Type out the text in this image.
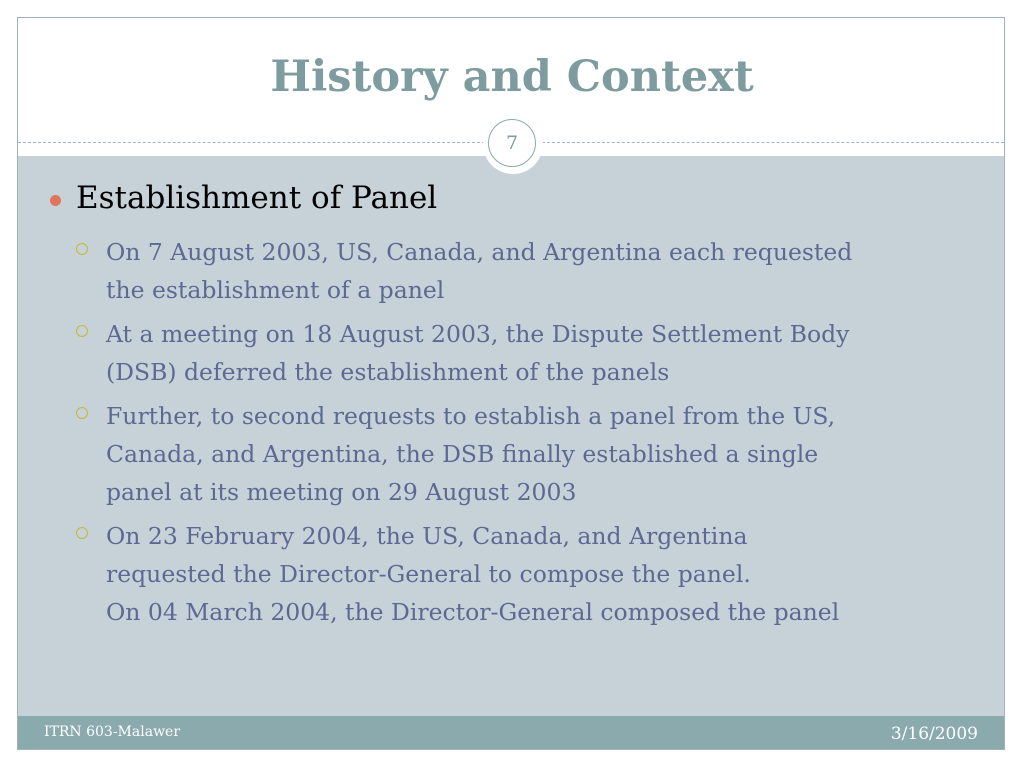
History and Context
7
Establishment of Panel
On 7 August 2003, US, Canada, and Argentina each requested
the establishment of a panel
At a meeting on 18 August 2003, the Dispute Settlement Body
(DSB) deferred the establishment of the panels
Further, to second requests to establish a panel from the US,
Canada, and Argentina, the DSB finally established a single
panel at its meeting on 29 August 2003
On 23 February 2004, the US, Canada, and Argentina
requested the Director-General to compose the panel.
On 04 March 2004, the Director-General composed the panel
ITRN 603-Malawer	3/16/2009
